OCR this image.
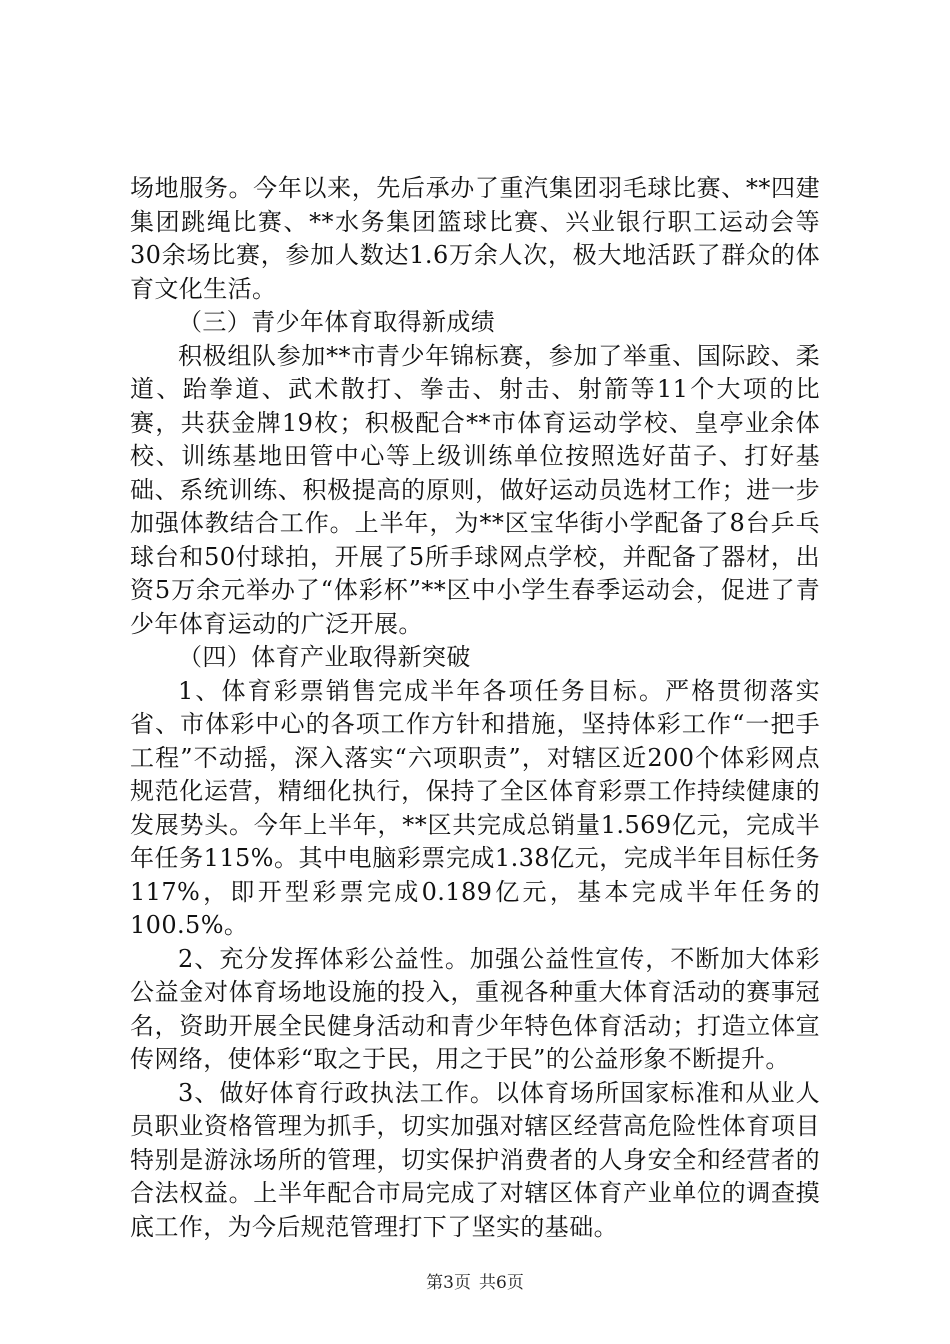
场地服务。今年以来，先后承办了重汽集团羽毛球比赛、**四建集团跳绳比赛、**水务集团篮球比赛、兴业银行职工运动会等30余场比赛，参加人数达1.6万余人次，极大地活跃了群众的体育文化生活。

（三）青少年体育取得新成绩

积极组队参加**市青少年锦标赛，参加了举重、国际跤、柔道、跆拳道、武术散打、拳击、射击、射箭等11个大项的比赛，共获金牌19枚；积极配合**市体育运动学校、皇亭业余体校、训练基地田管中心等上级训练单位按照选好苗子、打好基础、系统训练、积极提高的原则，做好运动员选材工作；进一步加强体教结合工作。上半年，为**区宝华街小学配备了8台乒乓球台和50付球拍，开展了5所手球网点学校，并配备了器材，出资5万余元举办了“体彩杯”**区中小学生春季运动会，促进了青少年体育运动的广泛开展。

（四）体育产业取得新突破

1、体育彩票销售完成半年各项任务目标。严格贯彻落实省、市体彩中心的各项工作方针和措施，坚持体彩工作“一把手工程”不动摇，深入落实“六项职责”，对辖区近200个体彩网点规范化运营，精细化执行，保持了全区体育彩票工作持续健康的发展势头。今年上半年，**区共完成总销量1.569亿元，完成半年任务115%。其中电脑彩票完成1.38亿元，完成半年目标任务117%，即开型彩票完成0.189亿元，基本完成半年任务的100.5%。

2、充分发挥体彩公益性。加强公益性宣传，不断加大体彩公益金对体育场地设施的投入，重视各种重大体育活动的赛事冠名，资助开展全民健身活动和青少年特色体育活动；打造立体宣传网络，使体彩“取之于民，用之于民”的公益形象不断提升。

3、做好体育行政执法工作。以体育场所国家标准和从业人员职业资格管理为抓手，切实加强对辖区经营高危险性体育项目特别是游泳场所的管理，切实保护消费者的人身安全和经营者的合法权益。上半年配合市局完成了对辖区体育产业单位的调查摸底工作，为今后规范管理打下了坚实的基础。

第3页 共6页
